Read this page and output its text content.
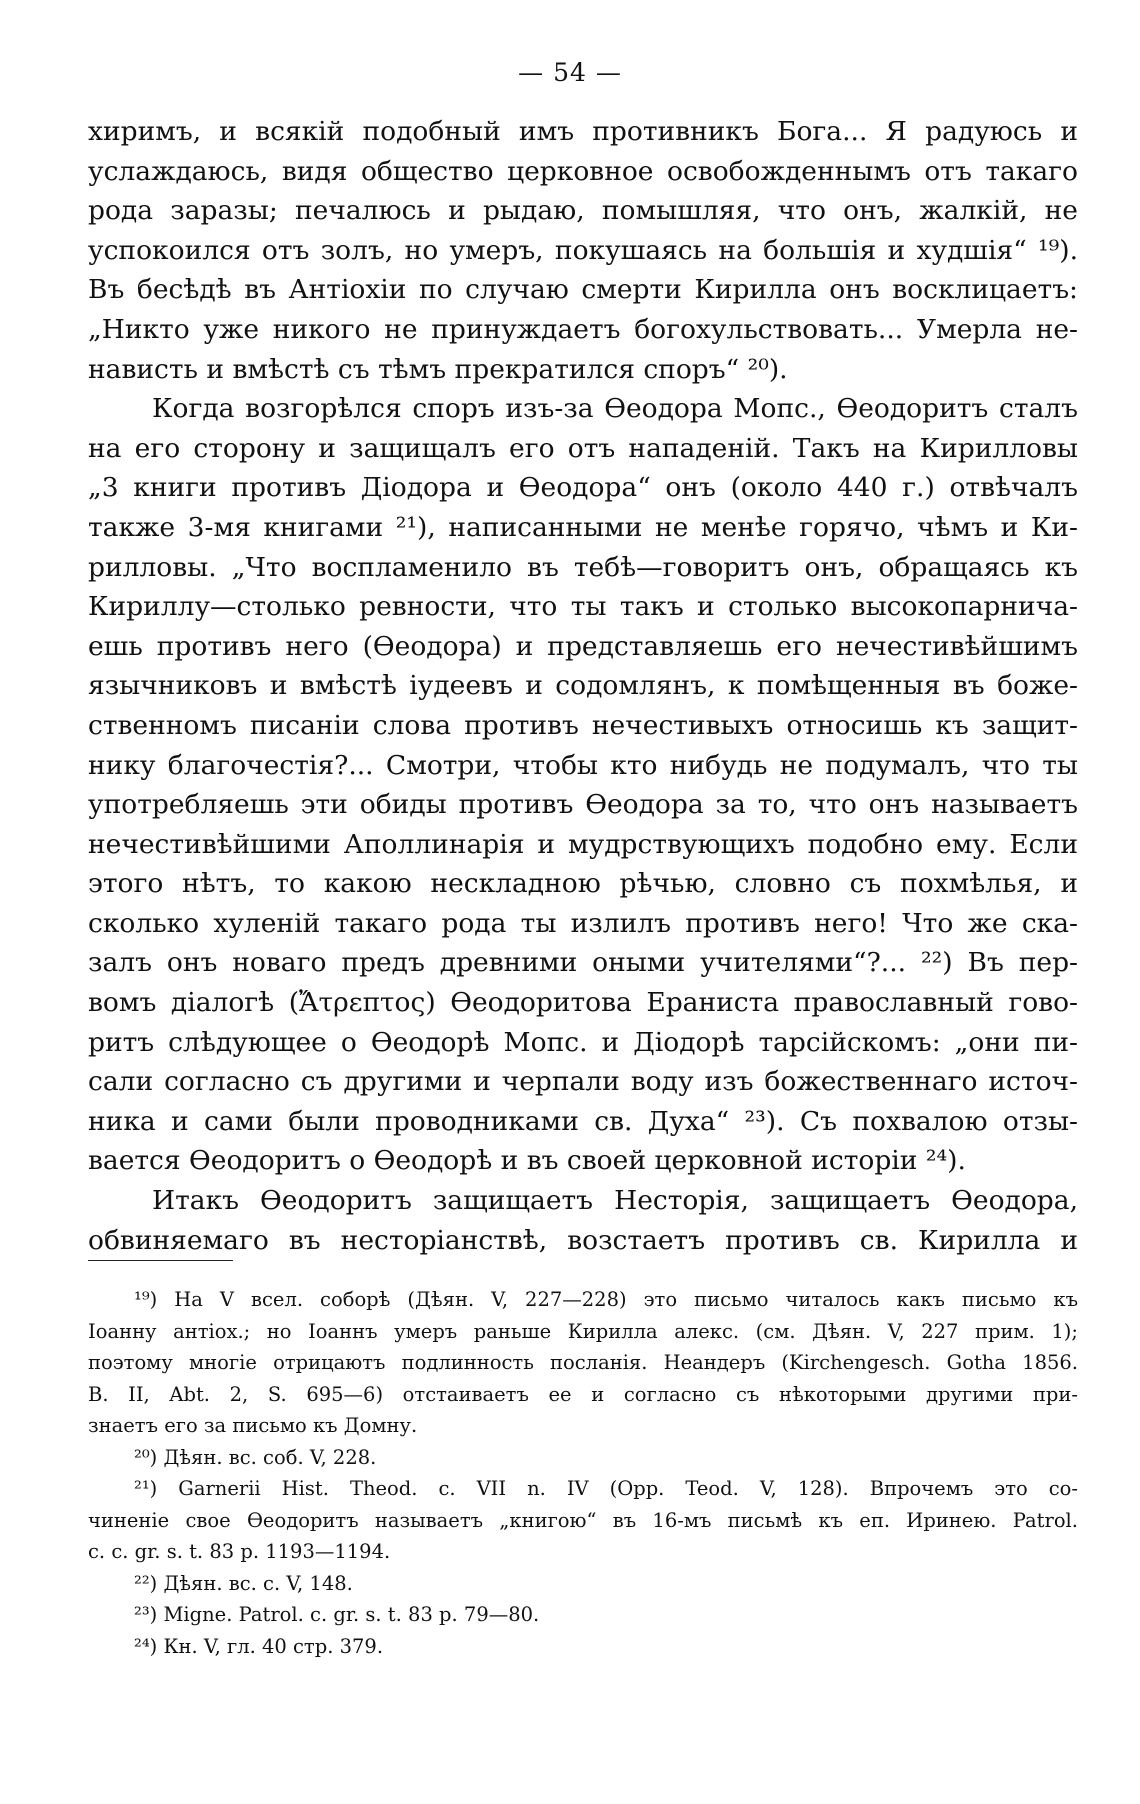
— 54 —
хиримъ, и всякій подобный имъ противникъ Бога... Я радуюсь и
услаждаюсь, видя общество церковное освобожденнымъ отъ такаго
рода заразы; печалюсь и рыдаю, помышляя, что онъ, жалкій, не
успокоился отъ золъ, но умеръ, покушаясь на большія и худшія“ ¹⁹).
Въ бесѣдѣ въ Антіохіи по случаю смерти Кирилла онъ восклицаетъ:
„Никто уже никого не принуждаетъ богохульствовать... Умерла не-
нависть и вмѣстѣ съ тѣмъ прекратился споръ“ ²⁰).
Когда возгорѣлся споръ изъ-за Ѳеодора Мопс., Ѳеодоритъ сталъ
на его сторону и защищалъ его отъ нападеній. Такъ на Кирилловы
„3 книги противъ Діодора и Ѳеодора“ онъ (около 440 г.) отвѣчалъ
также 3-мя книгами ²¹), написанными не менѣе горячо, чѣмъ и Ки-
рилловы. „Что воспламенило въ тебѣ—говоритъ онъ, обращаясь къ
Кириллу—столько ревности, что ты такъ и столько высокопарнича-
ешь противъ него (Ѳеодора) и представляешь его нечестивѣйшимъ
язычниковъ и вмѣстѣ іудеевъ и содомлянъ, к помѣщенныя въ боже-
ственномъ писаніи слова противъ нечестивыхъ относишь къ защит-
нику благочестія?... Смотри, чтобы кто нибудь не подумалъ, что ты
употребляешь эти обиды противъ Ѳеодора за то, что онъ называетъ
нечестивѣйшими Аполлинарія и мудрствующихъ подобно ему. Если
этого нѣтъ, то какою нескладною рѣчью, словно съ похмѣлья, и
сколько хуленій такаго рода ты излилъ противъ него! Что же ска-
залъ онъ новаго предъ древними оными учителями“?... ²²) Въ пер-
вомъ діалогѣ (Ἄτρεπτος) Ѳеодоритова Ераниста православный гово-
ритъ слѣдующее о Ѳеодорѣ Мопс. и Діодорѣ тарсійскомъ: „они пи-
сали согласно съ другими и черпали воду изъ божественнаго источ-
ника и сами были проводниками св. Духа“ ²³). Съ похвалою отзы-
вается Ѳеодоритъ о Ѳеодорѣ и въ своей церковной исторіи ²⁴).
Итакъ Ѳеодоритъ защищаетъ Несторія, защищаетъ Ѳеодора,
обвиняемаго въ несторіанствѣ, возстаетъ противъ св. Кирилла и
¹⁹) На V всел. соборѣ (Дѣян. V, 227—228) это письмо читалось какъ письмо къ
Іоанну антіох.; но Іоаннъ умеръ раньше Кирилла алекс. (см. Дѣян. V, 227 прим. 1);
поэтому многіе отрицаютъ подлинность посланія. Неандеръ (Kirchengesch. Gotha 1856.
B. II, Abt. 2, S. 695—6) отстаиваетъ ее и согласно съ нѣкоторыми другими при-
знаетъ его за письмо къ Домну.
²⁰) Дѣян. вс. соб. V, 228.
²¹) Garnerii Hist. Theod. c. VII n. IV (Opp. Teod. V, 128). Впрочемъ это со-
чиненіе свое Ѳеодоритъ называетъ „книгою“ въ 16-мъ письмѣ къ еп. Иринею. Patrol.
c. c. gr. s. t. 83 p. 1193—1194.
²²) Дѣян. вс. с. V, 148.
²³) Migne. Patrol. c. gr. s. t. 83 p. 79—80.
²⁴) Кн. V, гл. 40 стр. 379.
